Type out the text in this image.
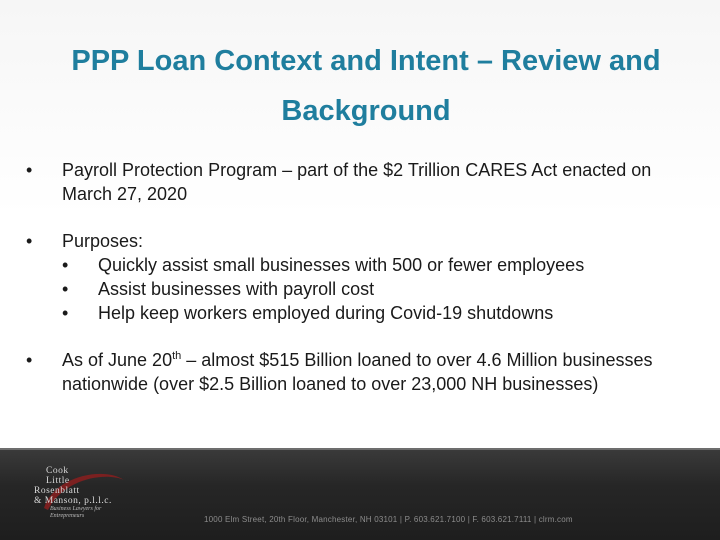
PPP Loan Context and Intent – Review and Background
•	Payroll Protection Program – part of the $2 Trillion CARES Act enacted on March 27, 2020
•	Purposes:
•	Quickly assist small businesses with 500 or fewer employees
•	Assist businesses with payroll cost
•	Help keep workers employed during Covid-19 shutdowns
•	As of June 20th – almost $515 Billion loaned to over 4.6 Million businesses nationwide (over $2.5 Billion loaned to over 23,000 NH businesses)
Cook
Little
Rosenblatt
& Manson, p.l.l.c.
Business Lawyers for Entrepreneurs	1000 Elm Street, 20th Floor, Manchester, NH 03101 | P. 603.621.7100 | F. 603.621.7111 | clrm.com
